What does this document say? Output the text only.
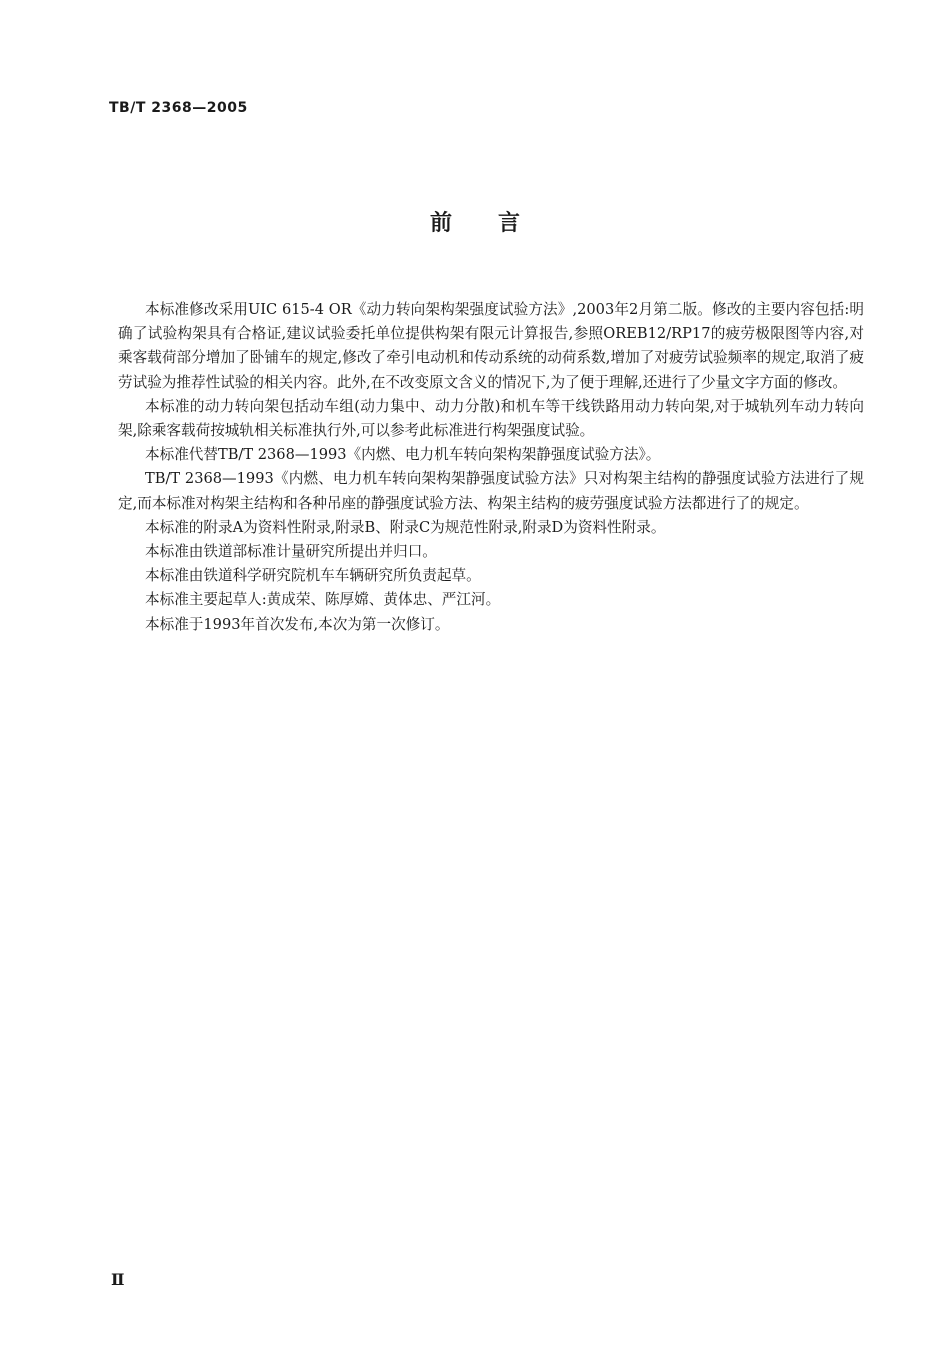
TB/T 2368—2005
前言

本标准修改采用UIC 615-4 OR《动力转向架构架强度试验方法》,2003年2月第二版。修改的主要内容包括:明确了试验构架具有合格证,建议试验委托单位提供构架有限元计算报告,参照OREB12/RP17的疲劳极限图等内容,对乘客载荷部分增加了卧铺车的规定,修改了牵引电动机和传动系统的动荷系数,增加了对疲劳试验频率的规定,取消了疲劳试验为推荐性试验的相关内容。此外,在不改变原文含义的情况下,为了便于理解,还进行了少量文字方面的修改。

本标准的动力转向架包括动车组(动力集中、动力分散)和机车等干线铁路用动力转向架,对于城轨列车动力转向架,除乘客载荷按城轨相关标准执行外,可以参考此标准进行构架强度试验。

本标准代替TB/T 2368—1993《内燃、电力机车转向架构架静强度试验方法》。

TB/T 2368—1993《内燃、电力机车转向架构架静强度试验方法》只对构架主结构的静强度试验方法进行了规定,而本标准对构架主结构和各种吊座的静强度试验方法、构架主结构的疲劳强度试验方法都进行了的规定。

本标准的附录A为资料性附录,附录B、附录C为规范性附录,附录D为资料性附录。

本标准由铁道部标准计量研究所提出并归口。

本标准由铁道科学研究院机车车辆研究所负责起草。

本标准主要起草人:黄成荣、陈厚嫦、黄体忠、严江河。

本标准于1993年首次发布,本次为第一次修订。

Ⅱ
